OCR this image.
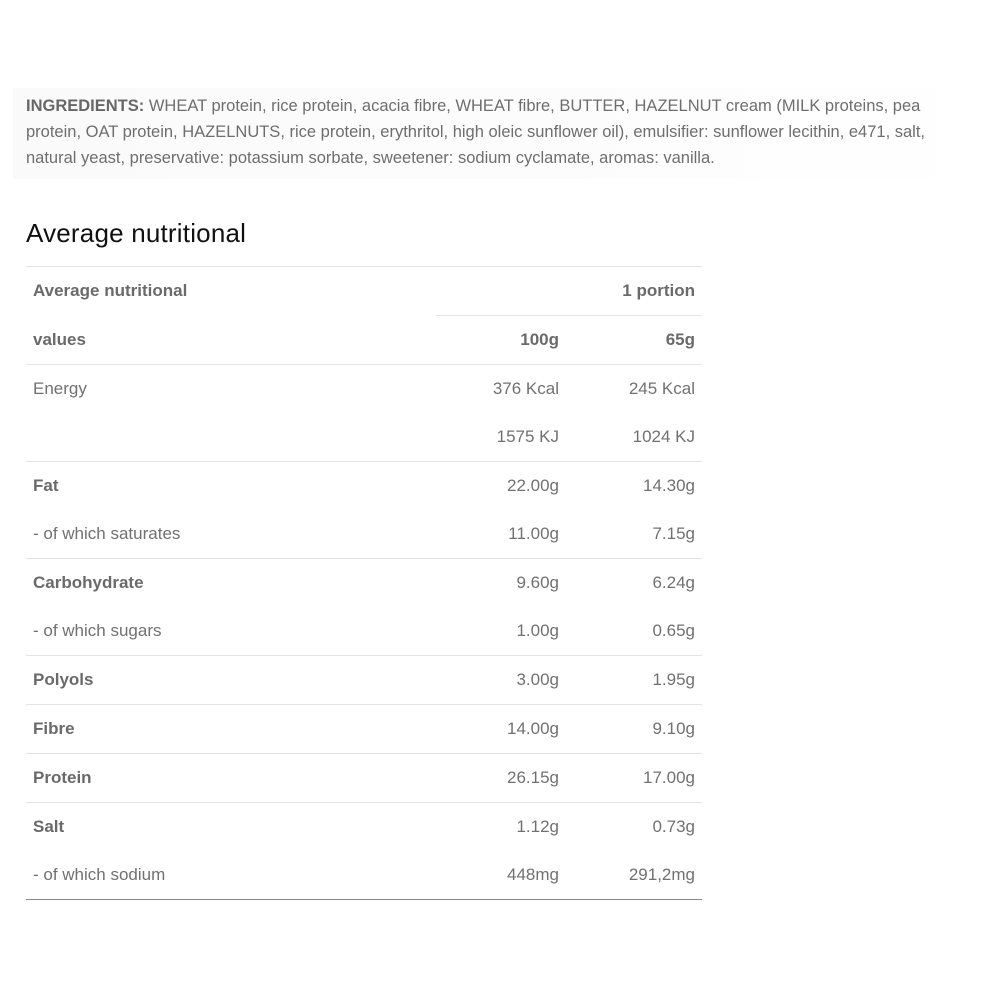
INGREDIENTS: WHEAT protein, rice protein, acacia fibre, WHEAT fibre, BUTTER, HAZELNUT cream (MILK proteins, pea protein, OAT protein, HAZELNUTS, rice protein, erythritol, high oleic sunflower oil), emulsifier: sunflower lecithin, e471, salt, natural yeast, preservative: potassium sorbate, sweetener: sodium cyclamate, aromas: vanilla.
Average nutritional
Average nutritional	1 portion	
values	100g	65g
Energy	376 Kcal	245 Kcal
	1575 KJ	1024 KJ
Fat	22.00g	14.30g
- of which saturates	11.00g	7.15g
Carbohydrate	9.60g	6.24g
- of which sugars	1.00g	0.65g
Polyols	3.00g	1.95g
Fibre	14.00g	9.10g
Protein	26.15g	17.00g
Salt	1.12g	0.73g
- of which sodium	448mg	291,2mg
